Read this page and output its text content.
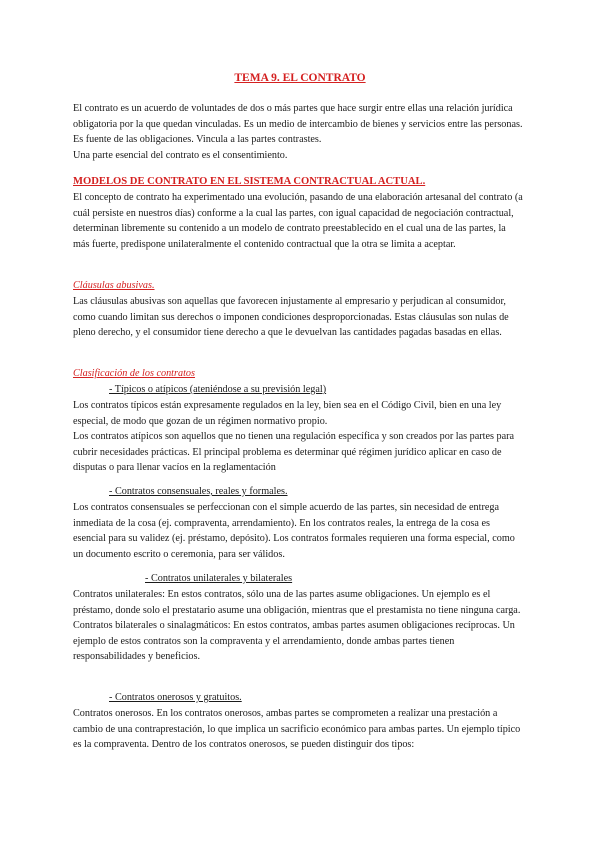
TEMA 9. EL CONTRATO

El contrato es un acuerdo de voluntades de dos o más partes que hace surgir entre ellas una relación jurídica obligatoria por la que quedan vinculadas. Es un medio de intercambio de bienes y servicios entre las personas. Es fuente de las obligaciones. Vincula a las partes contrastes.

Una parte esencial del contrato es el consentimiento.

MODELOS DE CONTRATO EN EL SISTEMA CONTRACTUAL ACTUAL.

El concepto de contrato ha experimentado una evolución, pasando de una elaboración artesanal del contrato (a cuál persiste en nuestros días) conforme a la cual las partes, con igual capacidad de negociación contractual, determinan libremente su contenido a un modelo de contrato preestablecido en el cual una de las partes, la más fuerte, predispone unilateralmente el contenido contractual que la otra se limita a aceptar.

Cláusulas abusivas.

Las cláusulas abusivas son aquellas que favorecen injustamente al empresario y perjudican al consumidor, como cuando limitan sus derechos o imponen condiciones desproporcionadas. Estas cláusulas son nulas de pleno derecho, y el consumidor tiene derecho a que le devuelvan las cantidades pagadas basadas en ellas.

Clasificación de los contratos

- Típicos o atípicos (ateniéndose a su previsión legal)

Los contratos típicos están expresamente regulados en la ley, bien sea en el Código Civil, bien en una ley especial, de modo que gozan de un régimen normativo propio.

Los contratos atípicos son aquellos que no tienen una regulación específica y son creados por las partes para cubrir necesidades prácticas. El principal problema es determinar qué régimen jurídico aplicar en caso de disputas o para llenar vacíos en la reglamentación

- Contratos consensuales, reales y formales.

Los contratos consensuales se perfeccionan con el simple acuerdo de las partes, sin necesidad de entrega inmediata de la cosa (ej. compraventa, arrendamiento). En los contratos reales, la entrega de la cosa es esencial para su validez (ej. préstamo, depósito). Los contratos formales requieren una forma especial, como un documento escrito o ceremonia, para ser válidos.

- Contratos unilaterales y bilaterales

Contratos unilaterales: En estos contratos, sólo una de las partes asume obligaciones. Un ejemplo es el préstamo, donde solo el prestatario asume una obligación, mientras que el prestamista no tiene ninguna carga.

Contratos bilaterales o sinalagmáticos: En estos contratos, ambas partes asumen obligaciones recíprocas. Un ejemplo de estos contratos son la compraventa y el arrendamiento, donde ambas partes tienen responsabilidades y beneficios.

- Contratos onerosos y gratuitos.

Contratos onerosos. En los contratos onerosos, ambas partes se comprometen a realizar una prestación a cambio de una contraprestación, lo que implica un sacrificio económico para ambas partes. Un ejemplo típico es la compraventa. Dentro de los contratos onerosos, se pueden distinguir dos tipos:
